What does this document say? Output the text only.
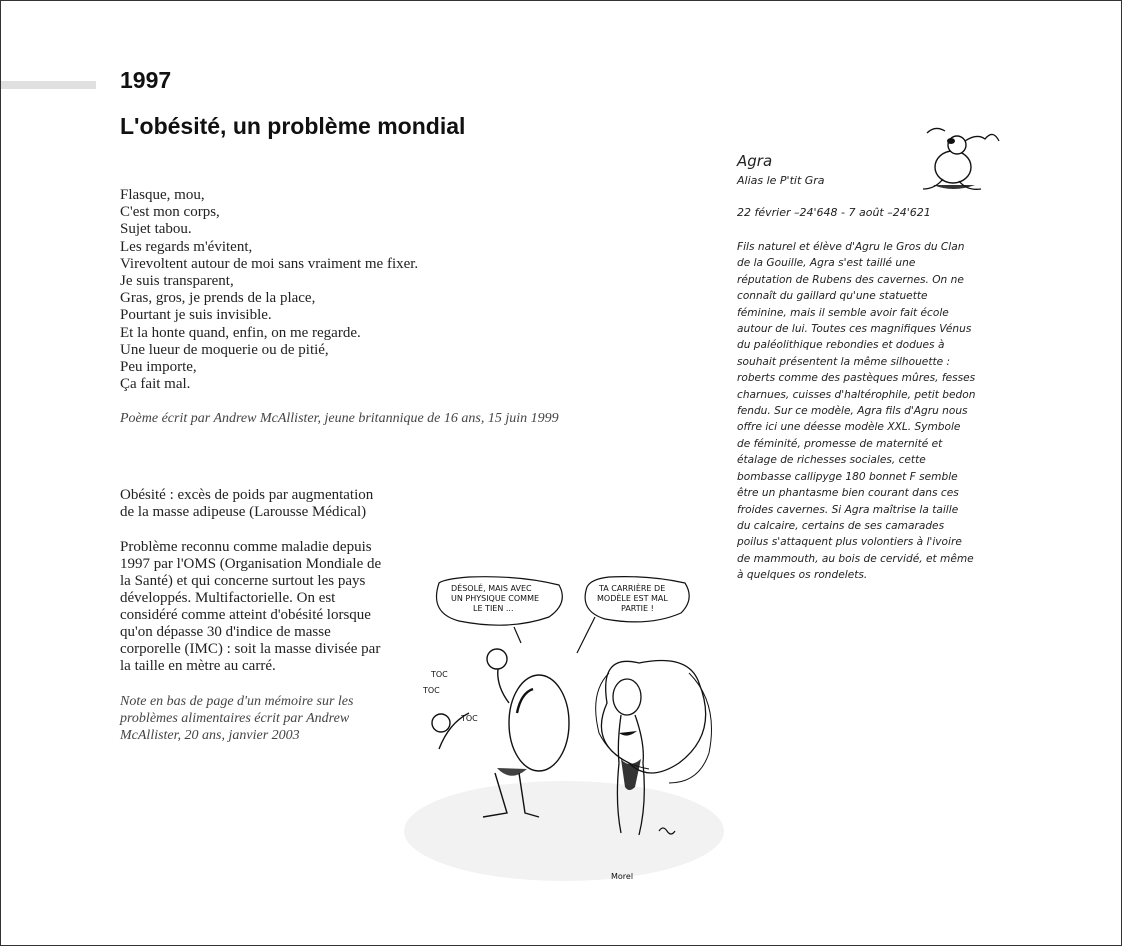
1997
L'obésité, un problème mondial
Flasque, mou,
C'est mon corps,
Sujet tabou.
Les regards m'évitent,
Virevoltent autour de moi sans vraiment me fixer.
Je suis transparent,
Gras, gros, je prends de la place,
Pourtant je suis invisible.
Et la honte quand, enfin, on me regarde.
Une lueur de moquerie ou de pitié,
Peu importe,
Ça fait mal.
Poème écrit par Andrew McAllister, jeune britannique de 16 ans, 15 juin 1999
Obésité : excès de poids par augmentation
de la masse adipeuse (Larousse Médical)
Problème reconnu comme maladie depuis
1997 par l'OMS (Organisation Mondiale de
la Santé) et qui concerne surtout les pays
développés. Multifactorielle. On est
considéré comme atteint d'obésité lorsque
qu'on dépasse 30 d'indice de masse
corporelle (IMC) : soit la masse divisée par
la taille en mètre au carré.
Note en bas de page d'un mémoire sur les
problèmes alimentaires écrit par Andrew
McAllister, 20 ans, janvier 2003
Agra
Alias le P'tit Gra
22 février –24'648 - 7 août –24'621
Fils naturel et élève d'Agru le Gros du Clan
de la Gouille, Agra s'est taillé une
réputation de Rubens des cavernes. On ne
connaît du gaillard qu'une statuette
féminine, mais il semble avoir fait école
autour de lui. Toutes ces magnifiques Vénus
du paléolithique rebondies et dodues à
souhait présentent la même silhouette :
roberts comme des pastèques mûres, fesses
charnues, cuisses d'haltérophile, petit bedon
fendu. Sur ce modèle, Agra fils d'Agru nous
offre ici une déesse modèle XXL. Symbole
de féminité, promesse de maternité et
étalage de richesses sociales, cette
bombasse callipyge 180 bonnet F semble
être un phantasme bien courant dans ces
froides cavernes. Si Agra maîtrise la taille
du calcaire, certains de ses camarades
poilus s'attaquent plus volontiers à l'ivoire
de mammouth, au bois de cervidé, et même
à quelques os rondelets.
DÉSOLÉ, MAIS AVEC
UN PHYSIQUE COMME
LE TIEN ...
TA CARRIÈRE DE
MODÈLE EST MAL
PARTIE !
TOC
TOC
TOC
Morel
